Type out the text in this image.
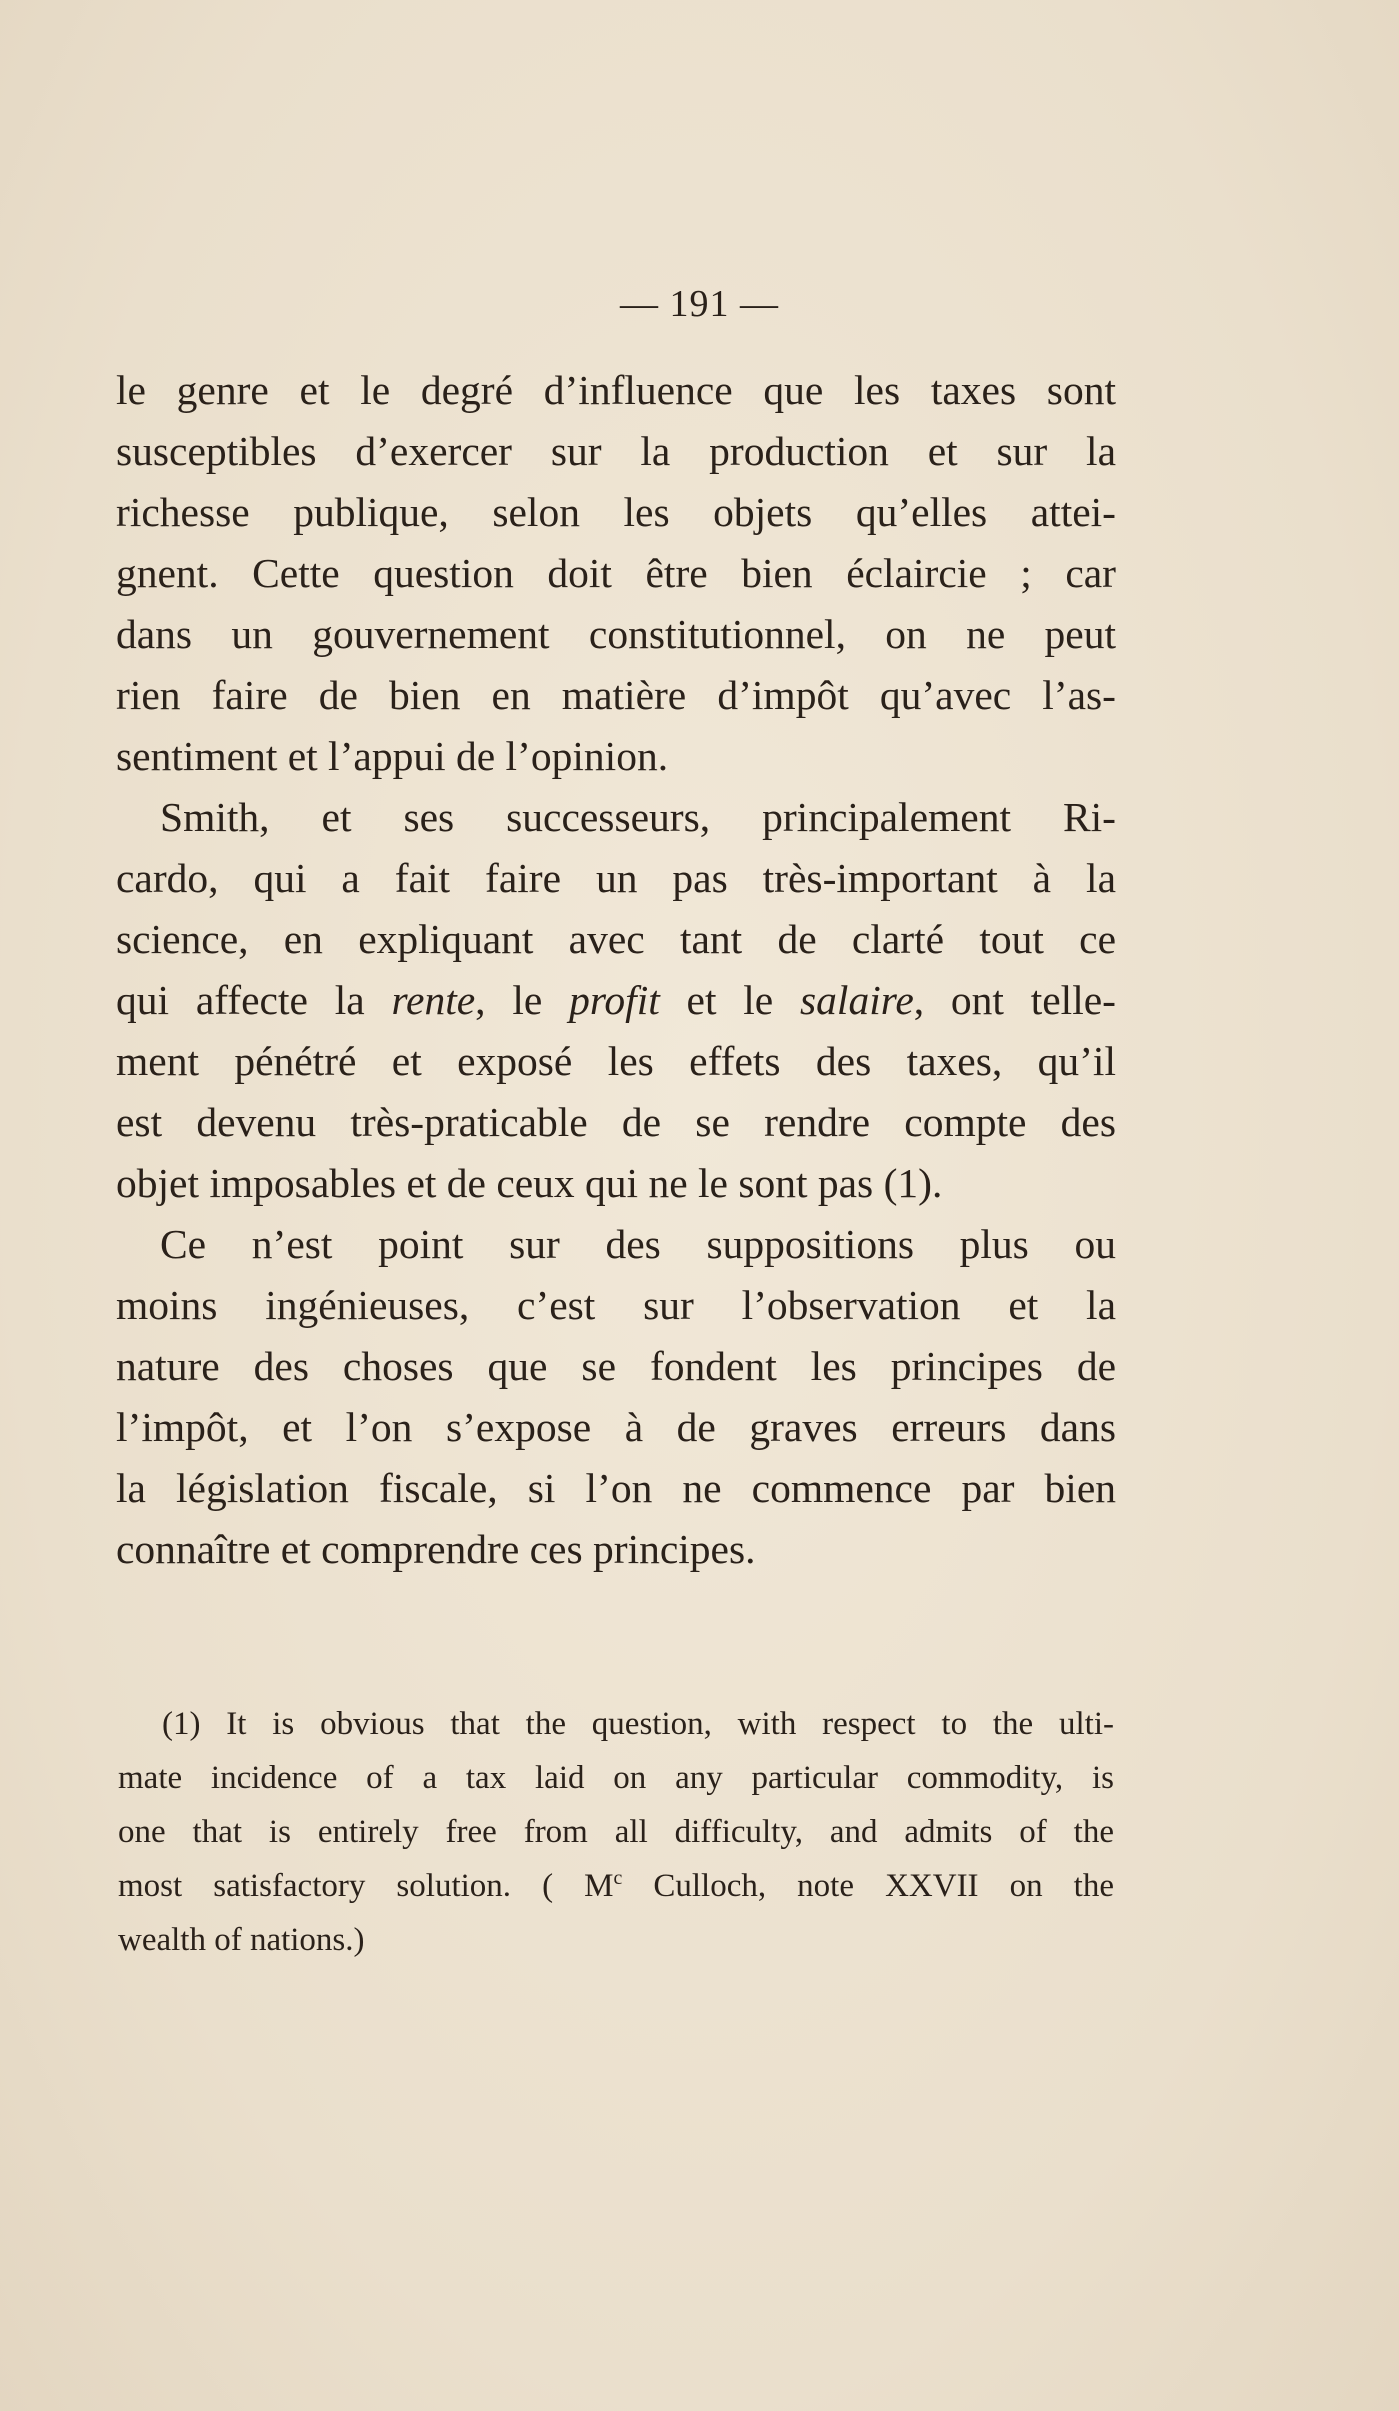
— 191 —
le genre et le degré d’influence que les taxes sont
susceptibles d’exercer sur la production et sur la
richesse publique, selon les objets qu’elles attei-
gnent. Cette question doit être bien éclaircie ; car
dans un gouvernement constitutionnel, on ne peut
rien faire de bien en matière d’impôt qu’avec l’as-
sentiment et l’appui de l’opinion.
Smith, et ses successeurs, principalement Ri-
cardo, qui a fait faire un pas très-important à la
science, en expliquant avec tant de clarté tout ce
qui affecte la rente, le profit et le salaire, ont telle-
ment pénétré et exposé les effets des taxes, qu’il
est devenu très-praticable de se rendre compte des
objet imposables et de ceux qui ne le sont pas (1).
Ce n’est point sur des suppositions plus ou
moins ingénieuses, c’est sur l’observation et la
nature des choses que se fondent les principes de
l’impôt, et l’on s’expose à de graves erreurs dans
la législation fiscale, si l’on ne commence par bien
connaître et comprendre ces principes.
(1) It is obvious that the question, with respect to the ulti-
mate incidence of a tax laid on any particular commodity, is
one that is entirely free from all difficulty, and admits of the
most satisfactory solution. ( $M^c$ Culloch, note XXVII on the
wealth of nations.)
